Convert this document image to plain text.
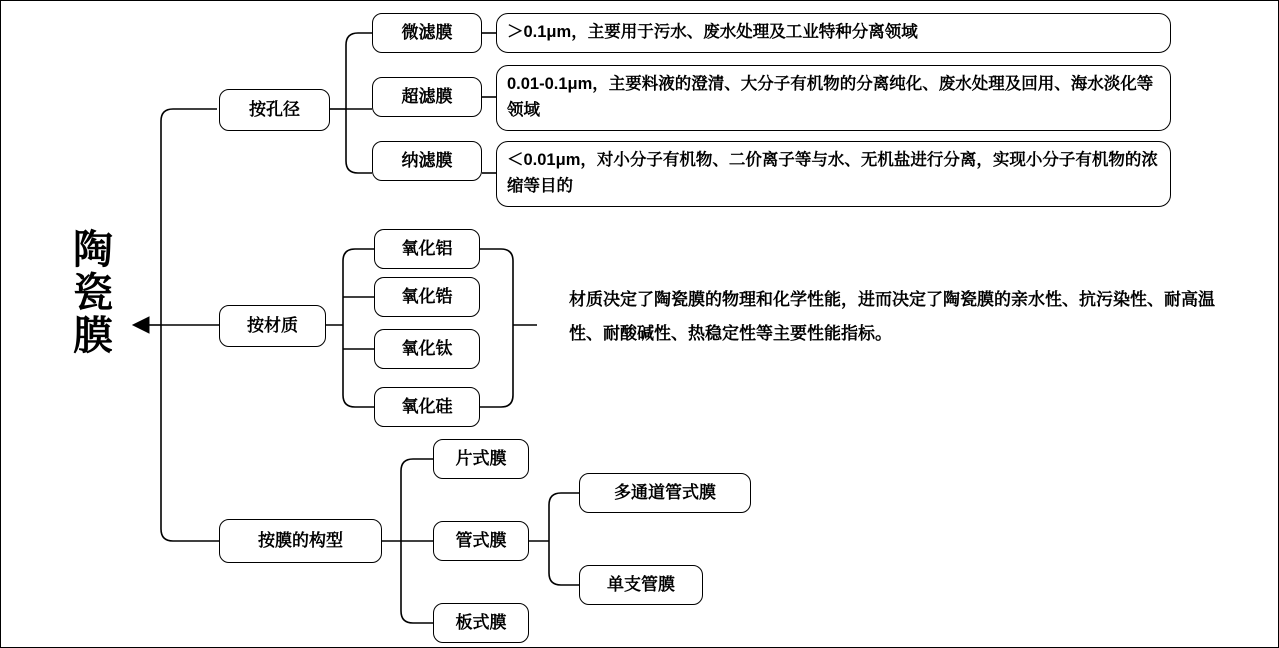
陶瓷膜
按孔径
按材质
按膜的构型
微滤膜
超滤膜
纳滤膜
＞0.1μm，主要用于污水、废水处理及工业特种分离领域
0.01-0.1μm，主要料液的澄清、大分子有机物的分离纯化、废水处理及回用、海水淡化等领域
＜0.01μm，对小分子有机物、二价离子等与水、无机盐进行分离，实现小分子有机物的浓缩等目的
氧化铝
氧化锆
氧化钛
氧化硅
材质决定了陶瓷膜的物理和化学性能，进而决定了陶瓷膜的亲水性、抗污染性、耐高温性、耐酸碱性、热稳定性等主要性能指标。
片式膜
管式膜
板式膜
多通道管式膜
单支管膜
